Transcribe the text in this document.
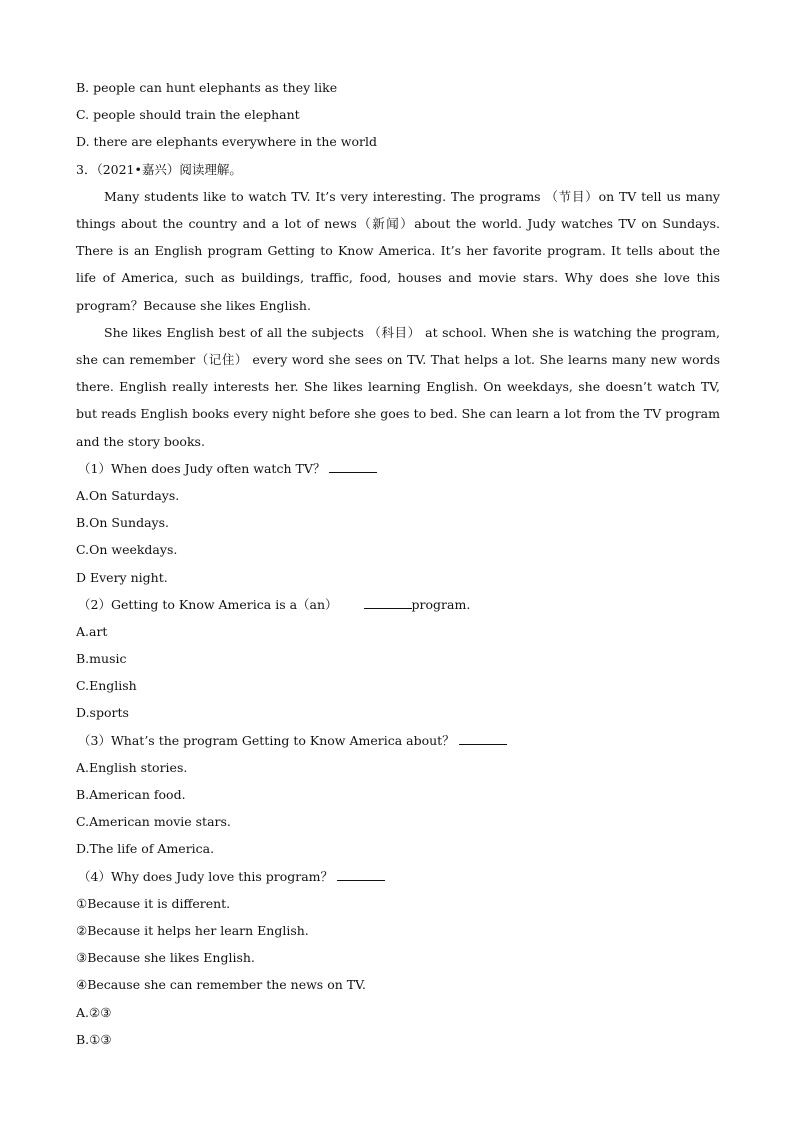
B. people can hunt elephants as they like
C. people should train the elephant
D. there are elephants everywhere in the world
3．（2021•嘉兴）阅读理解。

Many students like to watch TV. It’s very interesting. The programs （节目）on TV tell us many things about the country and a lot of news（新闻）about the world. Judy watches TV on Sundays. There is an English program Getting to Know America. It’s her favorite program. It tells about the life of America, such as buildings, traffic, food, houses and movie stars. Why does she love this program？Because she likes English.

She likes English best of all the subjects （科目） at school. When she is watching the program, she can remember（记住） every word she sees on TV. That helps a lot. She learns many new words there. English really interests her. She likes learning English. On weekdays, she doesn’t watch TV, but reads English books every night before she goes to bed. She can learn a lot from the TV program and the story books.

（1）When does Judy often watch TV？
A.On Saturdays.
B.On Sundays.
C.On weekdays.
D Every night.
（2）Getting to Know America is a（an）	program.
A.art
B.music
C.English
D.sports
（3）What’s the program Getting to Know America about？
A.English stories.
B.American food.
C.American movie stars.
D.The life of America.
（4）Why does Judy love this program？
①Because it is different.
②Because it helps her learn English.
③Because she likes English.
④Because she can remember the news on TV.
A.②③
B.①③
